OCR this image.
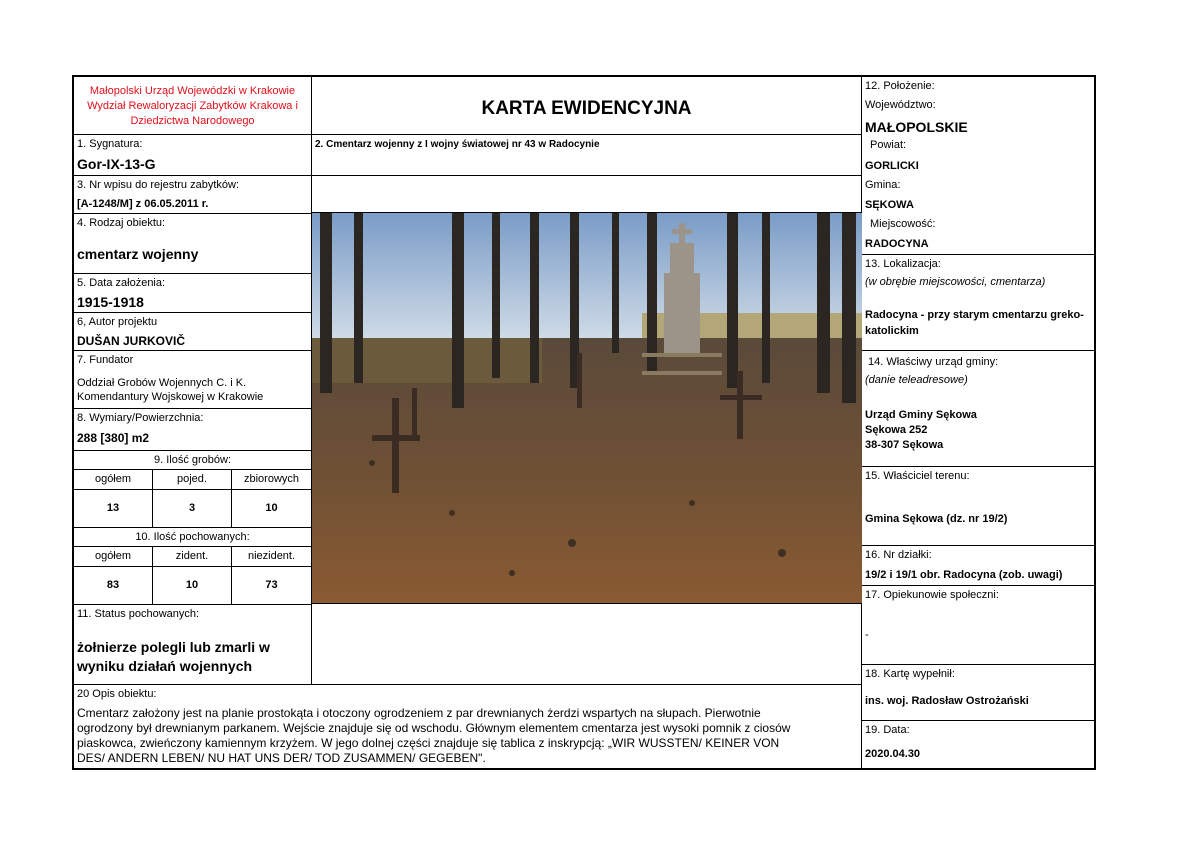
Małopolski Urząd Wojewódzki w Krakowie
Wydział Rewaloryzacji Zabytków Krakowa i
Dziedzictwa Narodowego
1. Sygnatura:
Gor-IX-13-G
3. Nr wpisu do rejestru zabytków:
[A-1248/M] z 06.05.2011 r.
4. Rodzaj obiektu:
cmentarz wojenny
5. Data założenia:
1915-1918
6, Autor projektu
DUŠAN JURKOVIČ
7. Fundator
Oddział Grobów Wojennych C. i K.
Komendantury Wojskowej w Krakowie
8. Wymiary/Powierzchnia:
288 [380] m2
9. Ilość grobów:
ogółem	pojed.	zbiorowych
13	3	10
10. Ilość pochowanych:
ogółem	zident.	niezident.
83	10	73
11. Status pochowanych:
żołnierze polegli lub zmarli w
wyniku działań wojennych
KARTA EWIDENCYJNA
2. Cmentarz wojenny z I wojny światowej nr 43 w Radocynie
20 Opis obiektu:
Cmentarz założony jest na planie prostokąta i otoczony ogrodzeniem z par drewnianych żerdzi wspartych na słupach. Pierwotnie
ogrodzony był drewnianym parkanem. Wejście znajduje się od wschodu. Głównym elementem cmentarza jest wysoki pomnik z ciosów
piaskowca, zwieńczony kamiennym krzyżem. W jego dolnej części znajduje się tablica z inskrypcją: „WIR WUSSTEN/ KEINER VON
DES/ ANDERN LEBEN/ NU HAT UNS DER/ TOD ZUSAMMEN/ GEGEBEN".
12. Położenie:
Województwo:
MAŁOPOLSKIE
Powiat:
GORLICKI
Gmina:
SĘKOWA
Miejscowość:
RADOCYNA
13. Lokalizacja:
(w obrębie miejscowości, cmentarza)
Radocyna - przy starym cmentarzu greko-
katolickim
14. Właściwy urząd gminy:
(danie teleadresowe)
Urząd Gminy Sękowa
Sękowa 252
38-307 Sękowa
15. Właściciel terenu:
Gmina Sękowa (dz. nr 19/2)
16. Nr działki:
19/2 i 19/1 obr. Radocyna (zob. uwagi)
17. Opiekunowie społeczni:
-
18. Kartę wypełnił:
ins. woj. Radosław Ostrożański
19. Data:
2020.04.30
